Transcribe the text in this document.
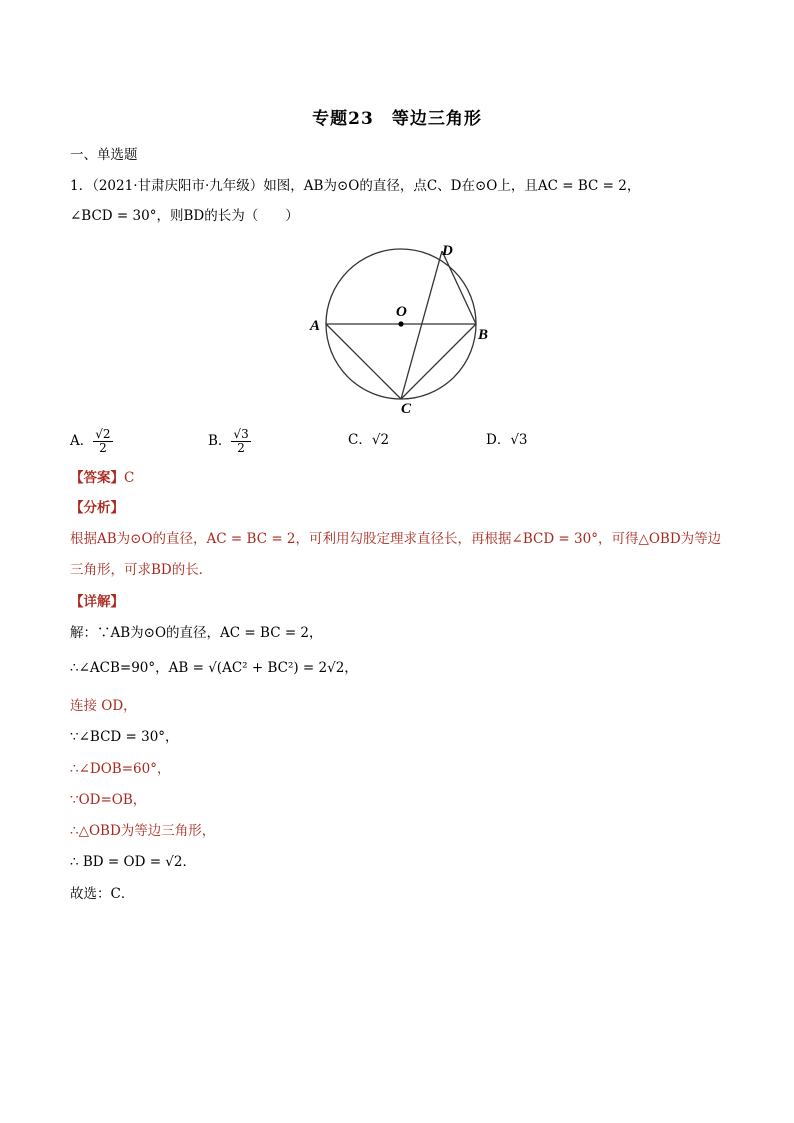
专题23　等边三角形
一、单选题
1．（2021·甘肃庆阳市·九年级）如图，AB为⊙O的直径，点C、D在⊙O上，且AC = BC = 2，
∠BCD = 30°，则BD的长为（　　）
A
B
C
D
O
A． $\frac{√2}{2}$	B． $\frac{√3}{2}$	C．√2	D．√3
【答案】C
【分析】
根据AB为⊙O的直径，AC = BC = 2，可利用勾股定理求直径长，再根据∠BCD = 30°，可得△OBD为等边
三角形，可求BD的长．
【详解】
解：∵AB为⊙O的直径，AC = BC = 2，
∴∠ACB=90°，AB = √(AC² + BC²) = 2√2，
连接 OD，
∵∠BCD = 30°，
∴∠DOB=60°，
∵OD=OB，
∴△OBD为等边三角形，
∴ BD = OD = √2．
故选：C．
